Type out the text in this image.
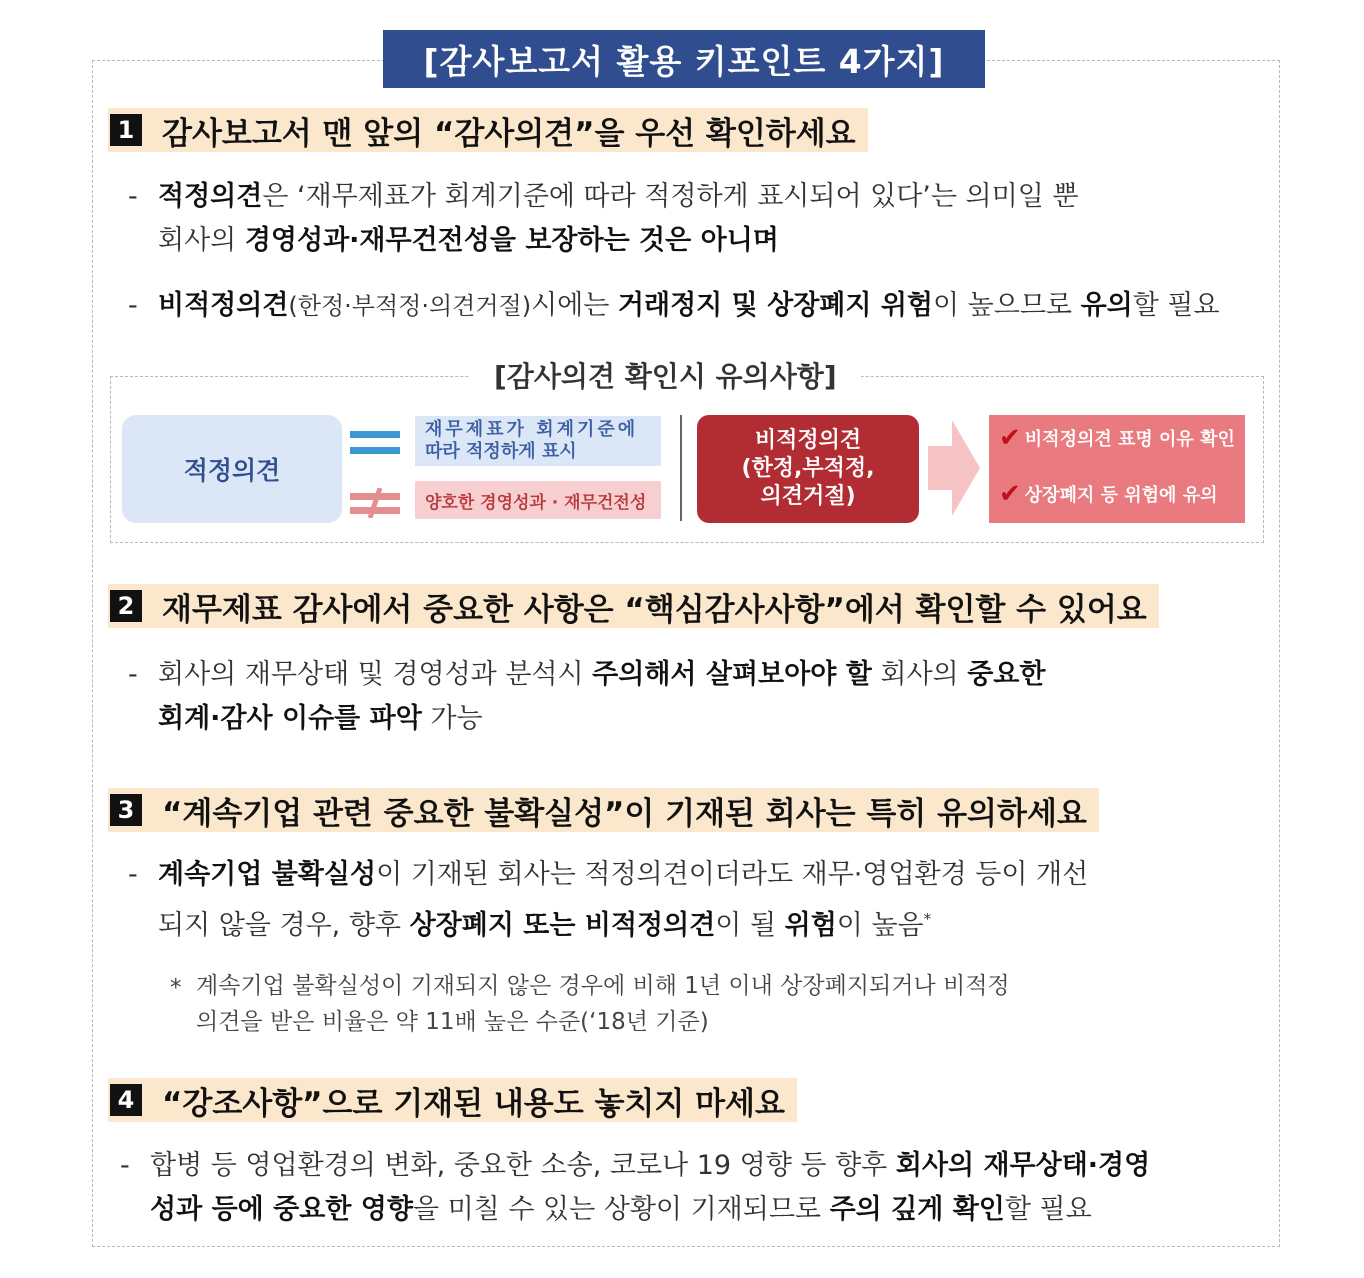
[감사보고서 활용 키포인트 4가지]
1 감사보고서 맨 앞의 “감사의견”을 우선 확인하세요
- 적정의견은 ‘재무제표가 회계기준에 따라 적정하게 표시되어 있다’는 의미일 뿐
회사의 경영성과·재무건전성을 보장하는 것은 아니며
- 비적정의견(한정·부적정·의견거절)시에는 거래정지 및 상장폐지 위험이 높으므로 유의할 필요
[감사의견 확인시 유의사항]
적정의견
재무제표가 회계기준에
따라 적정하게 표시
양호한 경영성과 · 재무건전성
비적정의견
(한정,부적정,
의견거절)
✔ 비적정의견 표명 이유 확인
✔ 상장폐지 등 위험에 유의
2 재무제표 감사에서 중요한 사항은 “핵심감사사항”에서 확인할 수 있어요
- 회사의 재무상태 및 경영성과 분석시 주의해서 살펴보아야 할 회사의 중요한
회계·감사 이슈를 파악 가능
3 “계속기업 관련 중요한 불확실성”이 기재된 회사는 특히 유의하세요
- 계속기업 불확실성이 기재된 회사는 적정의견이더라도 재무·영업환경 등이 개선
되지 않을 경우, 향후 상장폐지 또는 비적정의견이 될 위험이 높음*
* 계속기업 불확실성이 기재되지 않은 경우에 비해 1년 이내 상장폐지되거나 비적정
의견을 받은 비율은 약 11배 높은 수준(‘18년 기준)
4 “강조사항”으로 기재된 내용도 놓치지 마세요
- 합병 등 영업환경의 변화, 중요한 소송, 코로나 19 영향 등 향후 회사의 재무상태·경영
성과 등에 중요한 영향을 미칠 수 있는 상황이 기재되므로 주의 깊게 확인할 필요
